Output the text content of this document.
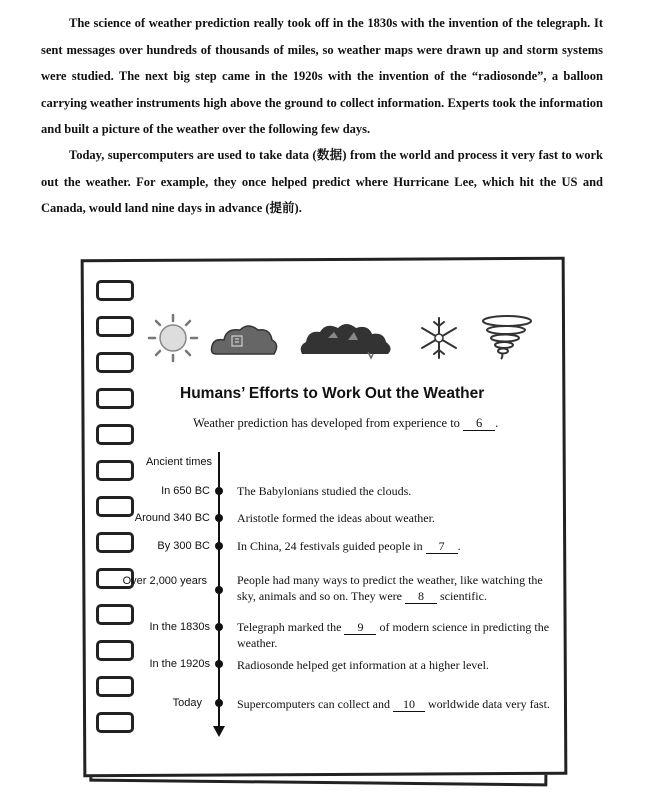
The science of weather prediction really took off in the 1830s with the invention of the telegraph. It sent messages over hundreds of thousands of miles, so weather maps were drawn up and storm systems were studied. The next big step came in the 1920s with the invention of the “radiosonde”, a balloon carrying weather instruments high above the ground to collect information. Experts took the information and built a picture of the weather over the following few days.

Today, supercomputers are used to take data (数据) from the world and process it very fast to work out the weather. For example, they once helped predict where Hurricane Lee, which hit the US and Canada, would land nine days in advance (提前).

Humans’ Efforts to Work Out the Weather
Weather prediction has developed from experience to 6 .
Ancient times
In 650 BC The Babylonians studied the clouds.
Around 340 BC Aristotle formed the ideas about weather.
By 300 BC In China, 24 festivals guided people in 7 .
Over 2,000 years	People had many ways to predict the weather, like watching the sky, animals and so on. They were 8 scientific.
In the 1830s Telegraph marked the 9 of modern science in predicting the weather.
In the 1920s Radiosonde helped get information at a higher level.
Today	Supercomputers can collect and 10 worldwide data very fast.
